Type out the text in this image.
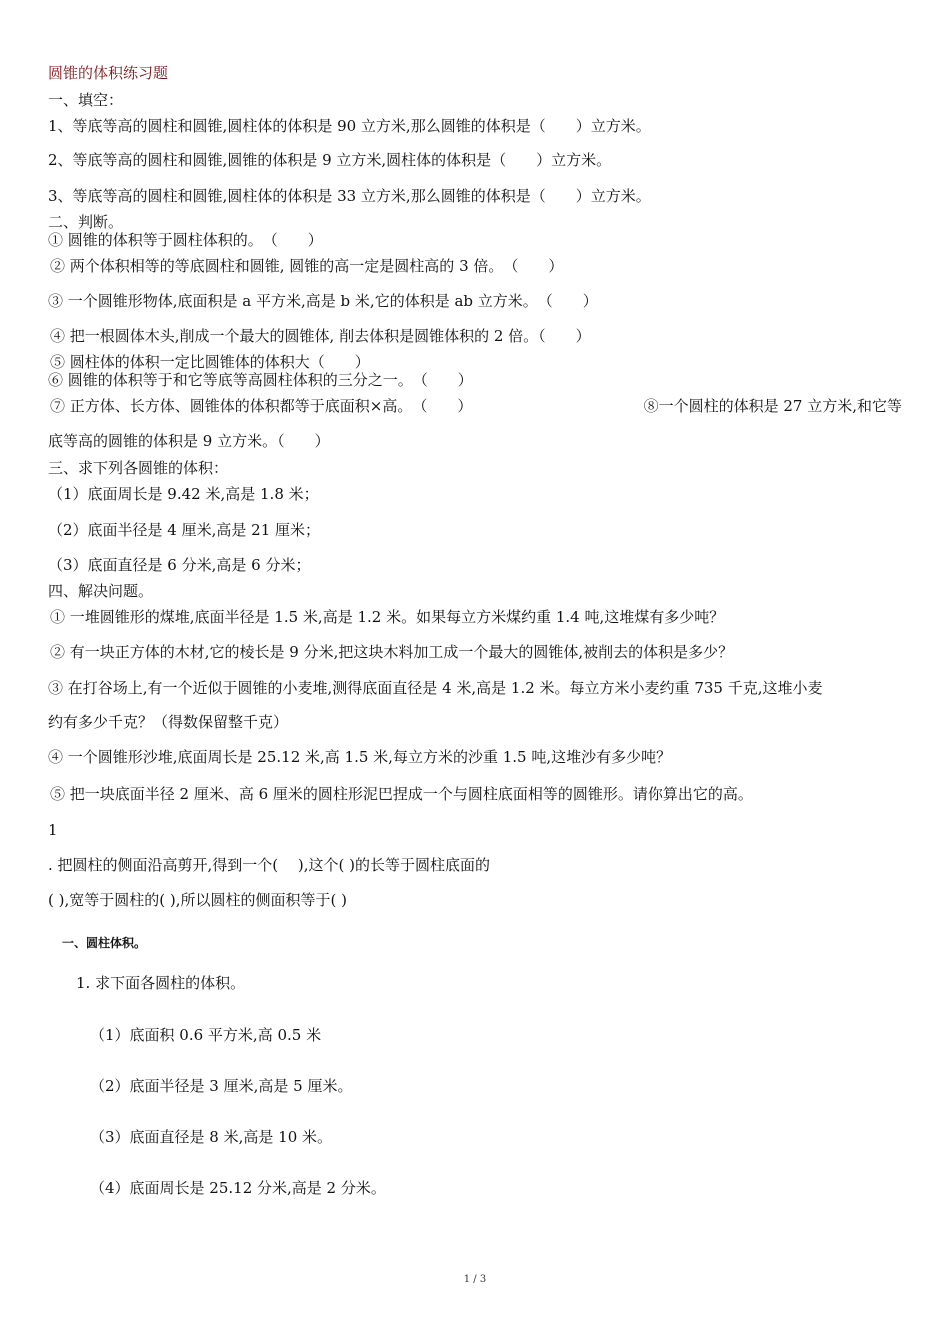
圆锥的体积练习题
一、填空：
1、等底等高的圆柱和圆锥,圆柱体的体积是 90 立方米,那么圆锥的体积是（　　）立方米。
2、等底等高的圆柱和圆锥,圆锥的体积是 9 立方米,圆柱体的体积是（　　）立方米。
3、等底等高的圆柱和圆锥,圆柱体的体积是 33 立方米,那么圆锥的体积是（　　）立方米。
二、判断。
① 圆锥的体积等于圆柱体积的。　（　　）
② 两个体积相等的等底圆柱和圆锥, 圆锥的高一定是圆柱高的 3 倍。　（　　）
③ 一个圆锥形物体,底面积是 a 平方米,高是 b 米,它的体积是 ab 立方米。　（　　）
④ 把一根圆体木头,削成一个最大的圆锥体, 削去体积是圆锥体积的 2 倍。（　　）
⑤ 圆柱体的体积一定比圆锥体的体积大（　　）
⑥ 圆锥的体积等于和它等底等高圆柱体积的三分之一。　（　　）
⑦ 正方体、长方体、圆锥体的体积都等于底面积×高。　（　　）	⑧一个圆柱的体积是 27 立方米,和它等
底等高的圆锥的体积是 9 立方米。（　　）
三、求下列各圆锥的体积：
（1）底面周长是 9.42 米,高是 1.8 米；
（2）底面半径是 4 厘米,高是 21 厘米；
（3）底面直径是 6 分米,高是 6 分米；
四、解决问题。
① 一堆圆锥形的煤堆,底面半径是 1.5 米,高是 1.2 米。如果每立方米煤约重 1.4 吨,这堆煤有多少吨？
② 有一块正方体的木材,它的棱长是 9 分米,把这块木料加工成一个最大的圆锥体,被削去的体积是多少？
③ 在打谷场上,有一个近似于圆锥的小麦堆,测得底面直径是 4 米,高是 1.2 米。每立方米小麦约重 735 千克,这堆小麦
约有多少千克？（得数保留整千克）
④ 一个圆锥形沙堆,底面周长是 25.12 米,高 1.5 米,每立方米的沙重 1.5 吨,这堆沙有多少吨？
⑤ 把一块底面半径 2 厘米、高 6 厘米的圆柱形泥巴捏成一个与圆柱底面相等的圆锥形。请你算出它的高。
1
. 把圆柱的侧面沿高剪开,得到一个(　 ),这个( )的长等于圆柱底面的
( ),宽等于圆柱的( ),所以圆柱的侧面积等于( )
一、圆柱体积。
1. 求下面各圆柱的体积。
（1）底面积 0.6 平方米,高 0.5 米
（2）底面半径是 3 厘米,高是 5 厘米。
（3）底面直径是 8 米,高是 10 米。
（4）底面周长是 25.12 分米,高是 2 分米。
1 / 3
